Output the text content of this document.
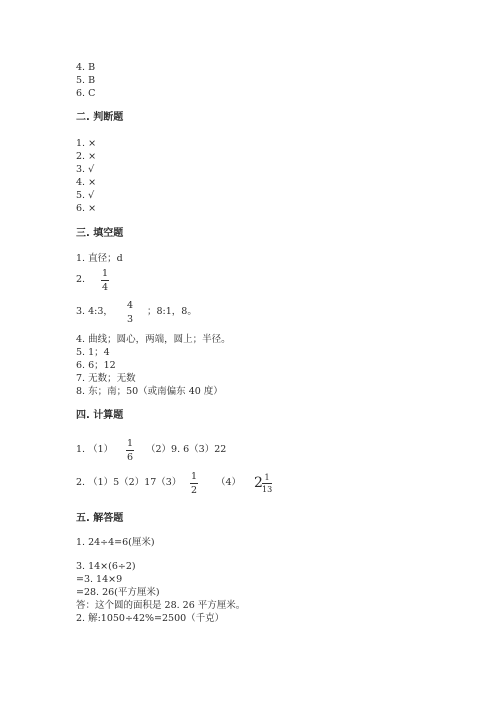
4. B
5. B
6. C
二. 判断题
1. ×
2. ×
3. √
4. ×
5. √
6. ×
三. 填空题
1. 直径；d
2. $\frac{1}{4}$
3. 4:3，
4
3
；8:1，8。
4. 曲线；圆心，两端，圆上；半径。
5. 1；4
6. 6；12
7. 无数；无数
8. 东；南；50（或南偏东 40 度）
四. 计算题
1. $(1) \frac{1}{6} (2)9$. 6（3）22
2. $(1)5(2)17(3) \frac{1}{2} (4)$ $2 \frac{1}{13}$
五. 解答题
1. 24÷4=6(厘米)
3. 14×(6÷2)
=3. 14×9
=28. 26(平方厘米)
答：这个圆的面积是 28. 26 平方厘米。
2. 解:1050÷42%=2500（千克）
